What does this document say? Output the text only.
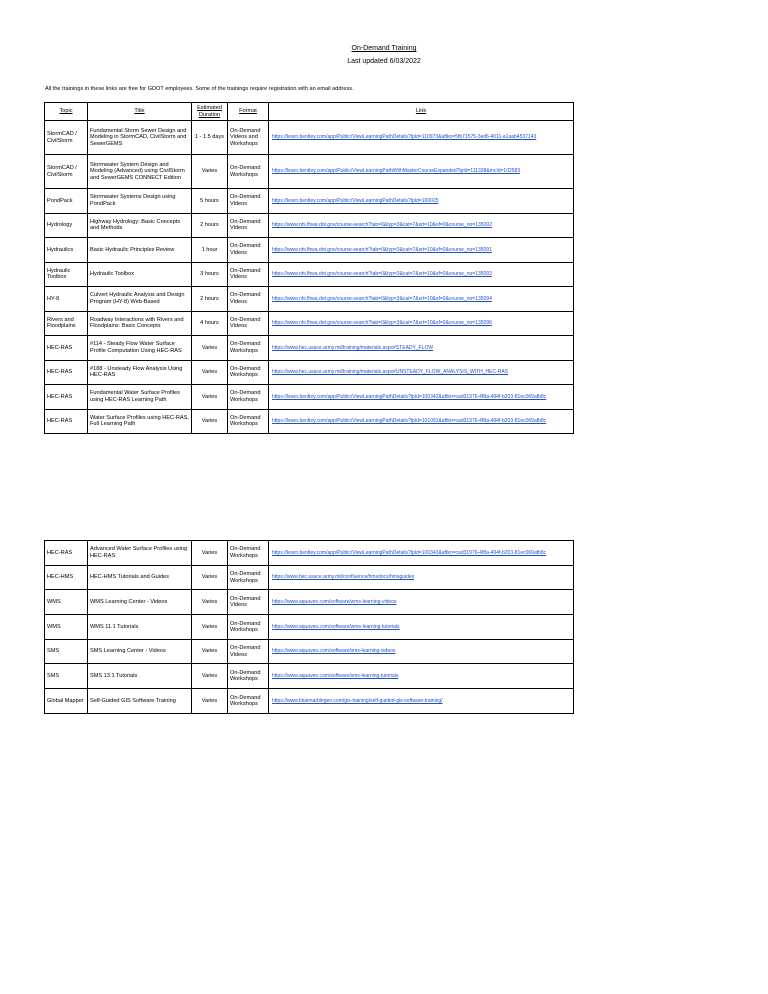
On-Demand Training
Last updated 6/03/2022
All the trainings in these links are free for GDOT employees. Some of the trainings require registration with an email address.
Topic	Title	Estimated Duration	Format	Link
StormCAD / CivilStorm	Fundamental Storm Sewer Design and Modeling in StormCAD, CivilStorm and SewerGEMS	1 - 1.5 days	On-Demand Videos and Workshops	https://learn.bentley.com/app/Public/ViewLearningPathDetails?lpId=110973&aftkn=5fb71575-3ed6-4011-a1aab4537143
StormCAD / CivilStorm	Stormwater System Design and Modeling (Advanced) using CivilStorm and SewerGEMS CONNECT Edition	Varies	On-Demand Workshops	https://learn.bentley.com/app/Public/ViewLearningPathWithMasterCourseExpanded?lpId=111338&mcId=102583
PondPack	Stormwater Systems Design using PondPack	5 hours	On-Demand Videos	https://learn.bentley.com/app/Public/ViewLearningPathDetails?lpId=100025
Hydrology	Highway Hydrology: Basic Concepts and Methods	2 hours	On-Demand Videos	https://www.nhi.fhwa.dot.gov/course-search?tab=0&typ=3&cat=7&srt=10&sf=0&course_no=135092
Hydraulics	Basic Hydraulic Principles Review	1 hour	On-Demand Videos	https://www.nhi.fhwa.dot.gov/course-search?tab=0&typ=3&cat=7&srt=10&sf=0&course_no=135091
Hydraulic Toolbox	Hydraulic Toolbox	3 hours	On-Demand Videos	https://www.nhi.fhwa.dot.gov/course-search?tab=0&typ=3&cat=7&srt=10&sf=0&course_no=135093
HY-8	Culvert Hydraulic Analysis and Design Program (HY-8) Web-Based	2 hours	On-Demand Videos	https://www.nhi.fhwa.dot.gov/course-search?tab=0&typ=3&cat=7&srt=10&sf=0&course_no=135094
Rivers and Floodplains	Roadway Interactions with Rivers and Floodplains: Basic Concepts	4 hours	On-Demand Videos	https://www.nhi.fhwa.dot.gov/course-search?tab=0&typ=3&cat=7&srt=10&sf=0&course_no=135096
HEC-RAS	#114 - Steady Flow Water Surface Profile Computation Using HEC-RAS	Varies	On-Demand Workshops	https://www.hec.usace.army.mil/training/materials.aspx#STEADY_FLOW
HEC-RAS	#188 - Unsteady Flow Analysis Using HEC-RAS	Varies	On-Demand Workshops	https://www.hec.usace.army.mil/training/materials.aspx#UNSTEADY_FLOW_ANALYSIS_WITH_HEC-RAS
HEC-RAS	Fundamental Water Surface Profiles using HEC-RAS Learning Path	Varies	On-Demand Workshops	https://learn.bentley.com/app/Public/ViewLearningPathDetails?lpId=100342&aftkn=cad31976-4f8a-494f-b203-81ec069afb8c
HEC-RAS	Water Surface Profiles using HEC-RAS, Full Learning Path	Varies	On-Demand Workshops	https://learn.bentley.com/app/Public/ViewLearningPathDetails?lpId=101091&aftkn=cad31976-4f8a-494f-b203-81ec069afb8c
HEC-RAS	Advanced Water Surface Profiles using HEC-RAS	Varies	On-Demand Workshops	https://learn.bentley.com/app/Public/ViewLearningPathDetails?lpId=100343&aftkn=cad31976-4f8a-494f-b203-81ec069afb8c
HEC-HMS	HEC-HMS Tutorials and Guides	Varies	On-Demand Workshops	https://www.hec.usace.army.mil/confluence/hmsdocs/hmsguides
WMS	WMS Learning Center - Videos	Varies	On-Demand Videos	https://www.aquaveo.com/software/wms-learning-videos
WMS	WMS 11.1 Tutorials	Varies	On-Demand Workshops	https://www.aquaveo.com/software/wms-learning-tutorials
SMS	SMS Learning Center - Videos	Varies	On-Demand Videos	https://www.aquaveo.com/software/sms-learning-videos
SMS	SMS 13.1 Tutorials	Varies	On-Demand Workshops	https://www.aquaveo.com/software/sms-learning-tutorials
Global Mapper	Self-Guided GIS Software Training	Varies	On-Demand Workshops	https://www.bluemarblegeo.com/gis-training/self-guided-gis-software-training/
